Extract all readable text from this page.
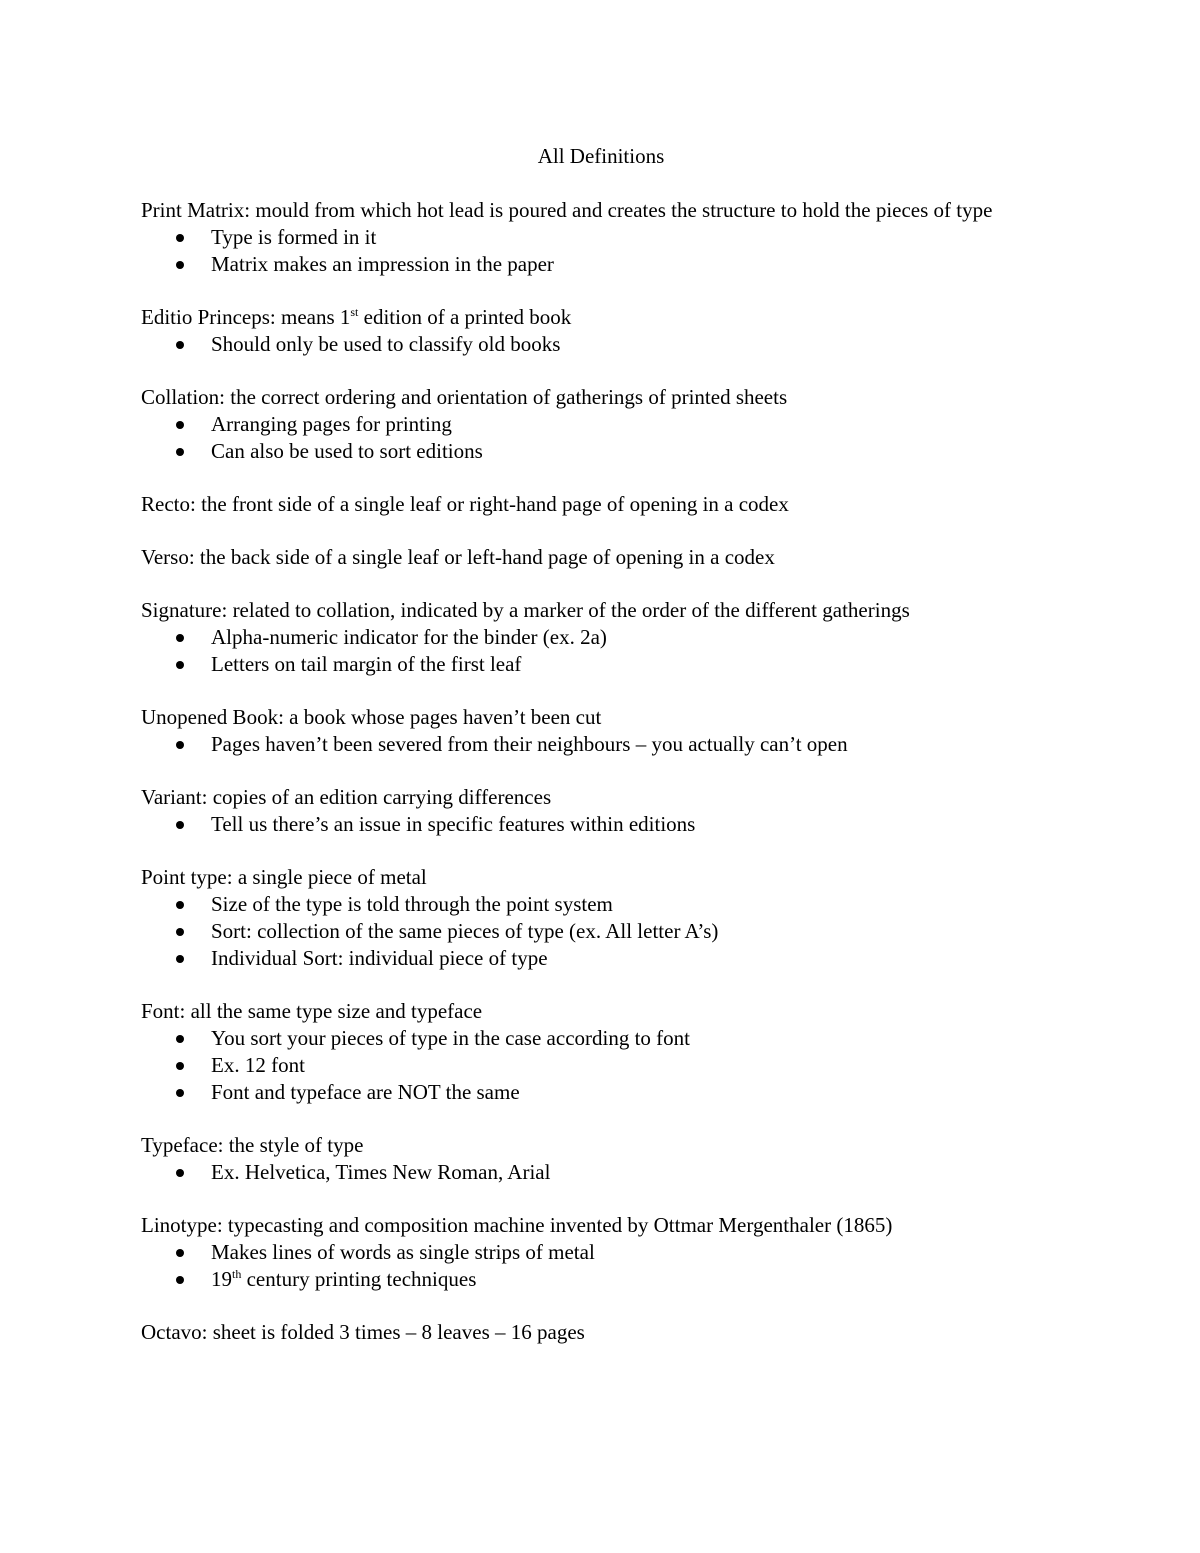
All Definitions

Print Matrix: mould from which hot lead is poured and creates the structure to hold the pieces of type

Type is formed in it
Matrix makes an impression in the paper

Editio Princeps: means 1st edition of a printed book

Should only be used to classify old books

Collation: the correct ordering and orientation of gatherings of printed sheets

Arranging pages for printing
Can also be used to sort editions

Recto: the front side of a single leaf or right-hand page of opening in a codex

Verso: the back side of a single leaf or left-hand page of opening in a codex

Signature: related to collation, indicated by a marker of the order of the different gatherings

Alpha-numeric indicator for the binder (ex. 2a)
Letters on tail margin of the first leaf

Unopened Book: a book whose pages haven’t been cut

Pages haven’t been severed from their neighbours – you actually can’t open

Variant: copies of an edition carrying differences

Tell us there’s an issue in specific features within editions

Point type: a single piece of metal

Size of the type is told through the point system
Sort: collection of the same pieces of type (ex. All letter A’s)
Individual Sort: individual piece of type

Font: all the same type size and typeface

You sort your pieces of type in the case according to font
Ex. 12 font
Font and typeface are NOT the same

Typeface: the style of type

Ex. Helvetica, Times New Roman, Arial

Linotype: typecasting and composition machine invented by Ottmar Mergenthaler (1865)

Makes lines of words as single strips of metal
19th century printing techniques

Octavo: sheet is folded 3 times – 8 leaves – 16 pages
